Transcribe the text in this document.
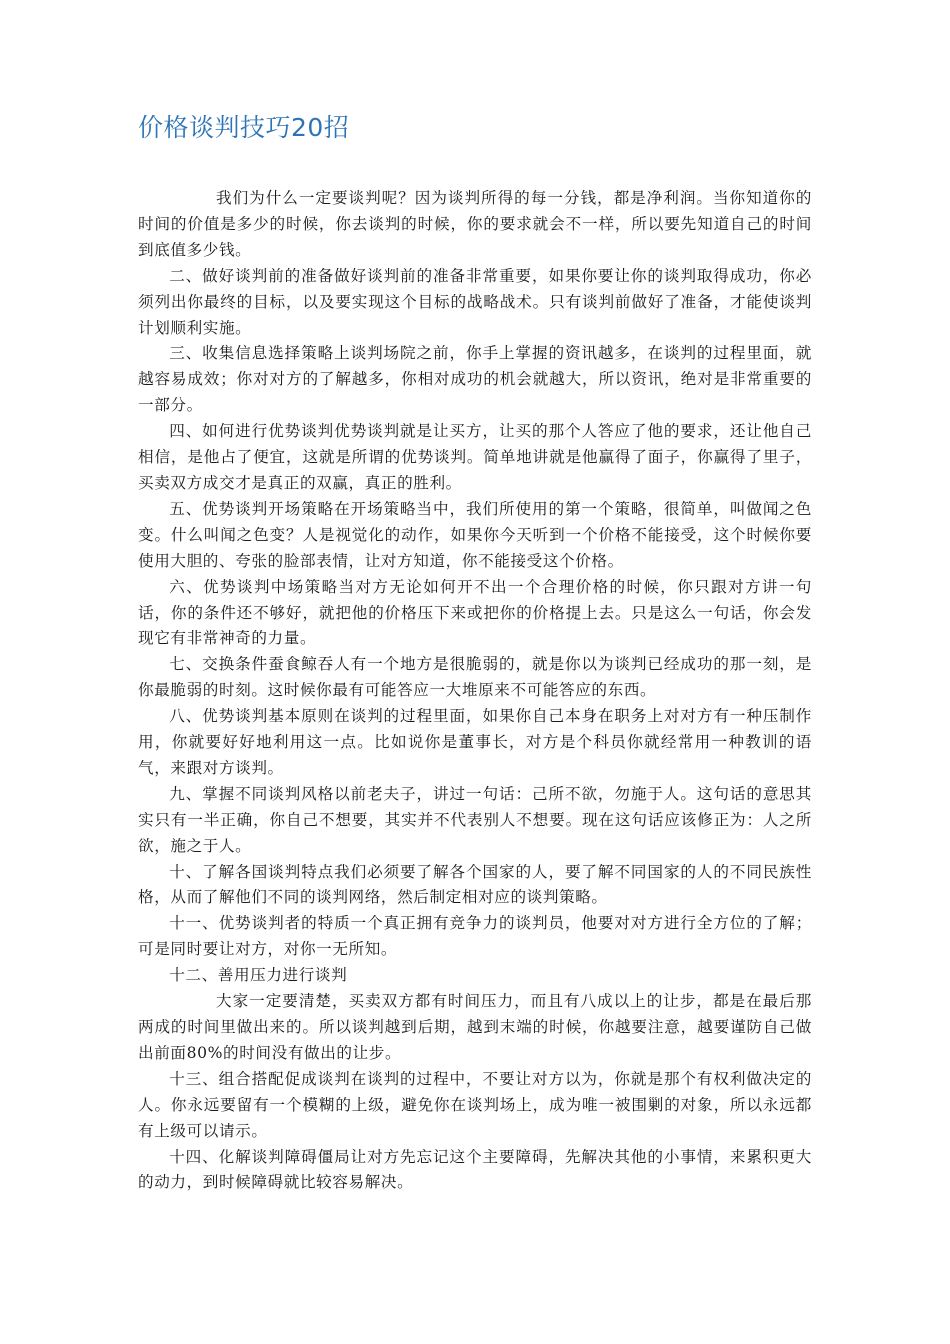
价格谈判技巧20招

我们为什么一定要谈判呢？因为谈判所得的每一分钱，都是净利润。当你知道你的时间的价值是多少的时候，你去谈判的时候，你的要求就会不一样，所以要先知道自己的时间到底值多少钱。

二、做好谈判前的准备做好谈判前的准备非常重要，如果你要让你的谈判取得成功，你必须列出你最终的目标，以及要实现这个目标的战略战术。只有谈判前做好了准备，才能使谈判计划顺利实施。

三、收集信息选择策略上谈判场院之前，你手上掌握的资讯越多，在谈判的过程里面，就越容易成效；你对对方的了解越多，你相对成功的机会就越大，所以资讯，绝对是非常重要的一部分。

四、如何进行优势谈判优势谈判就是让买方，让买的那个人答应了他的要求，还让他自己相信，是他占了便宜，这就是所谓的优势谈判。简单地讲就是他赢得了面子，你赢得了里子，买卖双方成交才是真正的双赢，真正的胜利。

五、优势谈判开场策略在开场策略当中，我们所使用的第一个策略，很简单，叫做闻之色变。什么叫闻之色变？人是视觉化的动作，如果你今天听到一个价格不能接受，这个时候你要使用大胆的、夸张的脸部表情，让对方知道，你不能接受这个价格。

六、优势谈判中场策略当对方无论如何开不出一个合理价格的时候，你只跟对方讲一句话，你的条件还不够好，就把他的价格压下来或把你的价格提上去。只是这么一句话，你会发现它有非常神奇的力量。

七、交换条件蚕食鲸吞人有一个地方是很脆弱的，就是你以为谈判已经成功的那一刻，是你最脆弱的时刻。这时候你最有可能答应一大堆原来不可能答应的东西。

八、优势谈判基本原则在谈判的过程里面，如果你自己本身在职务上对对方有一种压制作用，你就要好好地利用这一点。比如说你是董事长，对方是个科员你就经常用一种教训的语气，来跟对方谈判。

九、掌握不同谈判风格以前老夫子，讲过一句话：己所不欲，勿施于人。这句话的意思其实只有一半正确，你自己不想要，其实并不代表别人不想要。现在这句话应该修正为：人之所欲，施之于人。

十、了解各国谈判特点我们必须要了解各个国家的人，要了解不同国家的人的不同民族性格，从而了解他们不同的谈判网络，然后制定相对应的谈判策略。

十一、优势谈判者的特质一个真正拥有竞争力的谈判员，他要对对方进行全方位的了解；可是同时要让对方，对你一无所知。

十二、善用压力进行谈判

大家一定要清楚，买卖双方都有时间压力，而且有八成以上的让步，都是在最后那两成的时间里做出来的。所以谈判越到后期，越到末端的时候，你越要注意，越要谨防自己做出前面80%的时间没有做出的让步。

十三、组合搭配促成谈判在谈判的过程中，不要让对方以为，你就是那个有权利做决定的人。你永远要留有一个模糊的上级，避免你在谈判场上，成为唯一被围剿的对象，所以永远都有上级可以请示。

十四、化解谈判障碍僵局让对方先忘记这个主要障碍，先解决其他的小事情，来累积更大的动力，到时候障碍就比较容易解决。
